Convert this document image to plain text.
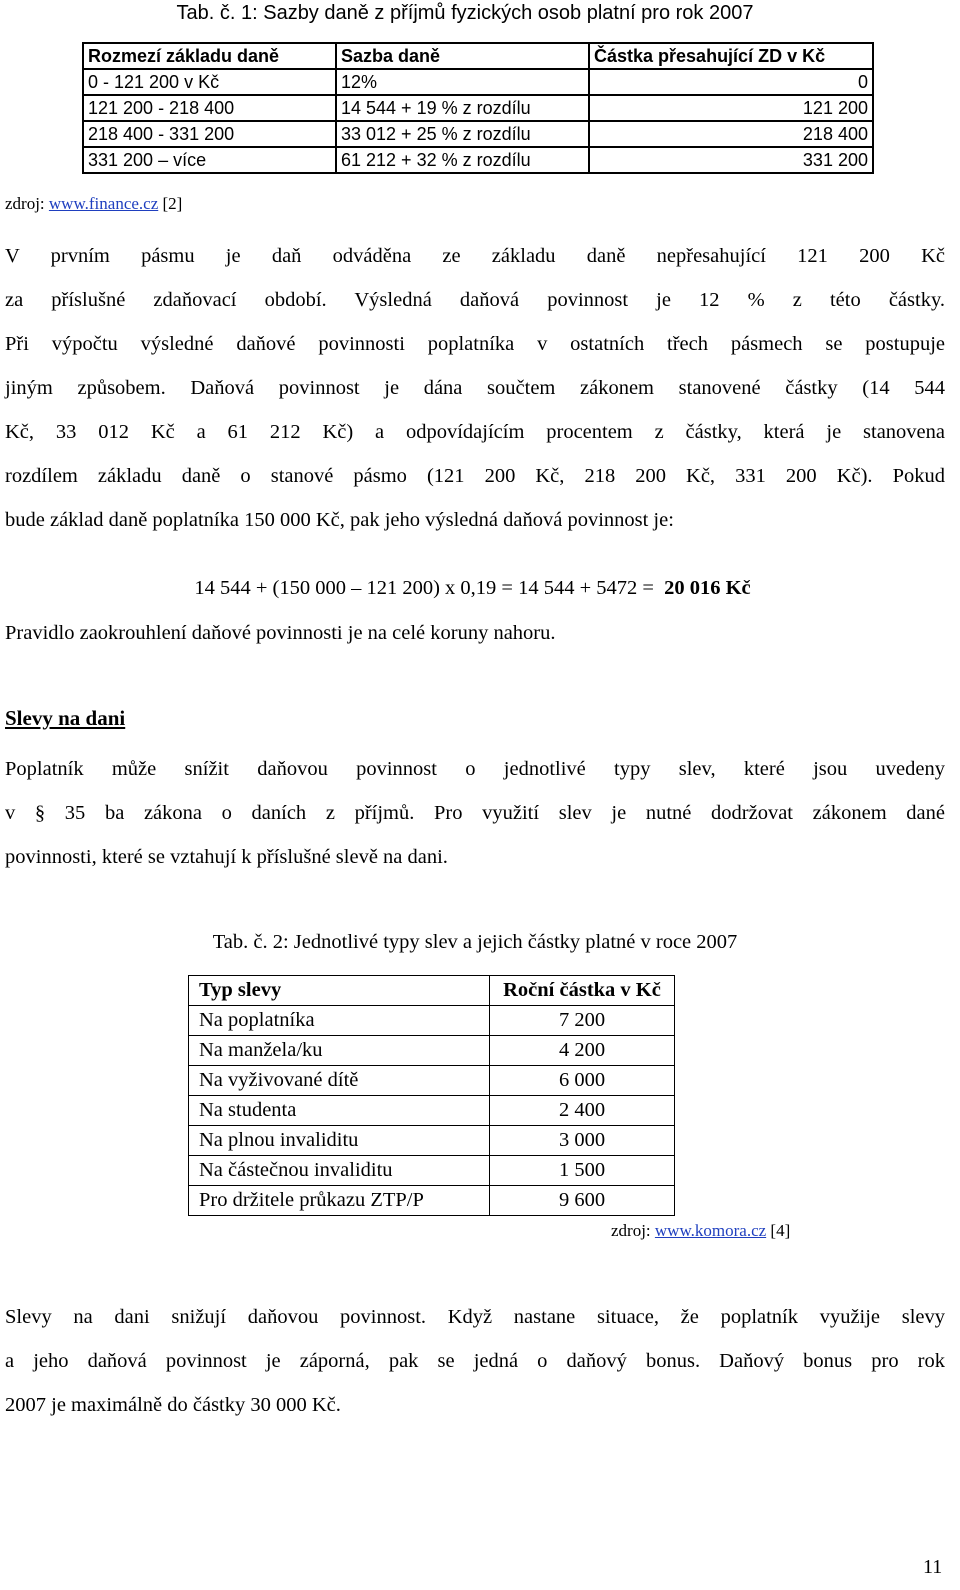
Tab. č. 1: Sazby daně z příjmů fyzických osob platní pro rok 2007
Rozmezí základu daně	Sazba daně	Částka přesahující ZD v Kč
0 - 121 200 v Kč	12%	0
121 200 - 218 400	14 544 + 19 % z rozdílu	121 200
218 400 - 331 200	33 012 + 25 % z rozdílu	218 400
331 200 – více	61 212 + 32 % z rozdílu	331 200
zdroj: www.finance.cz [2]
V prvním pásmu je daň odváděna ze základu daně nepřesahující 121 200 Kč
za příslušné zdaňovací období. Výsledná daňová povinnost je 12 % z této částky.
Při výpočtu výsledné daňové povinnosti poplatníka v ostatních třech pásmech se postupuje
jiným způsobem. Daňová povinnost je dána součtem zákonem stanovené částky (14 544
Kč, 33 012 Kč a 61 212 Kč) a odpovídajícím procentem z částky, která je stanovena
rozdílem základu daně o stanové pásmo (121 200 Kč, 218 200 Kč, 331 200 Kč). Pokud
bude základ daně poplatníka 150 000 Kč, pak jeho výsledná daňová povinnost je:
14 544 + (150 000 – 121 200) x 0,19 = 14 544 + 5472 = 20 016 Kč
Pravidlo zaokrouhlení daňové povinnosti je na celé koruny nahoru.
Slevy na dani
Poplatník může snížit daňovou povinnost o jednotlivé typy slev, které jsou uvedeny
v § 35 ba zákona o daních z příjmů. Pro využití slev je nutné dodržovat zákonem dané
povinnosti, které se vztahují k příslušné slevě na dani.
Tab. č. 2: Jednotlivé typy slev a jejich částky platné v roce 2007
Typ slevy	Roční částka v Kč
Na poplatníka	7 200
Na manžela/ku	4 200
Na vyživované dítě	6 000
Na studenta	2 400
Na plnou invaliditu	3 000
Na částečnou invaliditu	1 500
Pro držitele průkazu ZTP/P	9 600
zdroj: www.komora.cz [4]
Slevy na dani snižují daňovou povinnost. Když nastane situace, že poplatník využije slevy
a jeho daňová povinnost je záporná, pak se jedná o daňový bonus. Daňový bonus pro rok
2007 je maximálně do částky 30 000 Kč.
11
